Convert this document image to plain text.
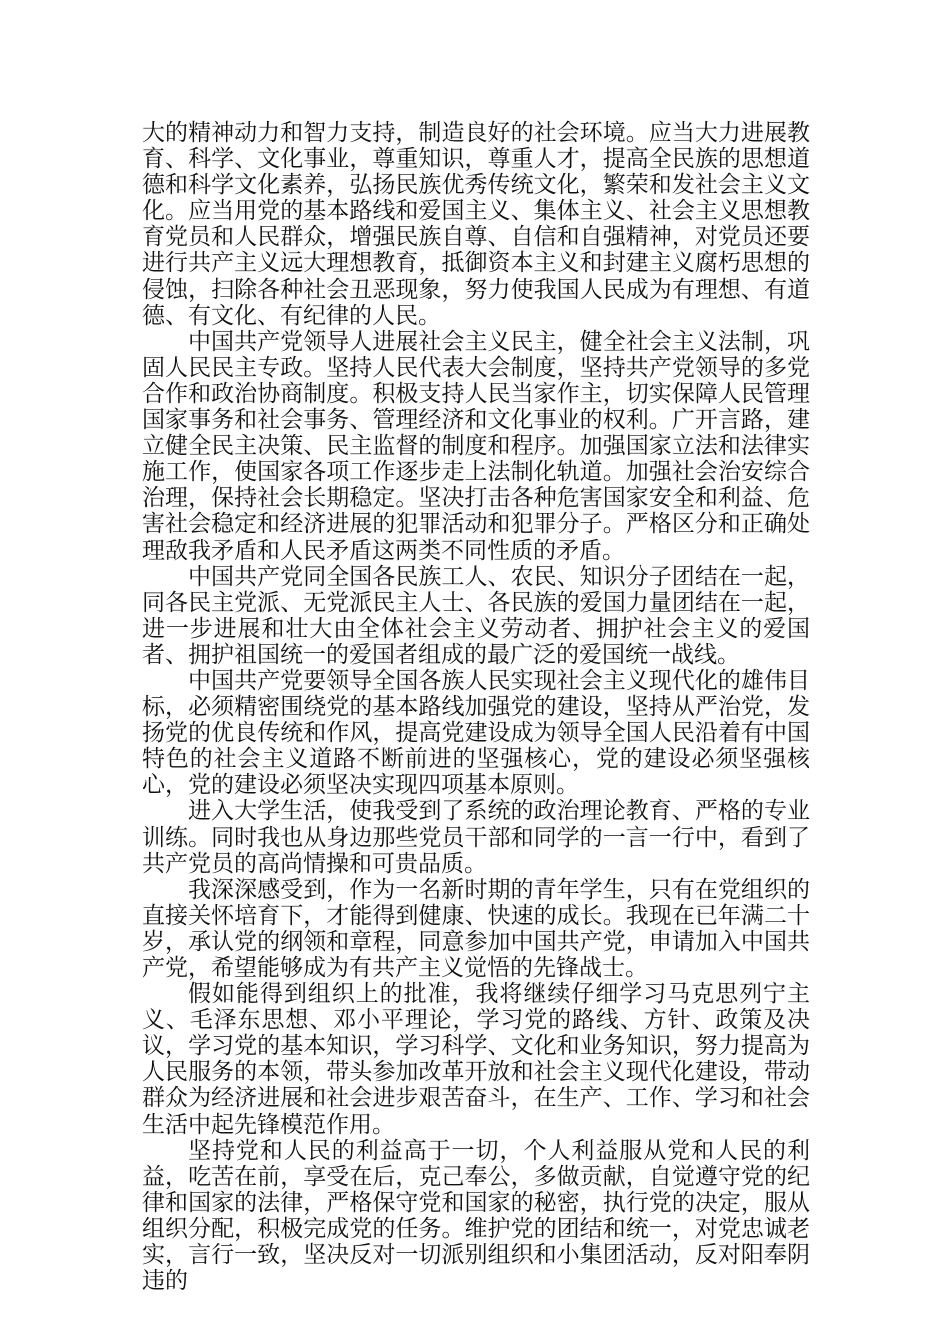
大的精神动力和智力支持，制造良好的社会环境。应当大力进展教育、科学、文化事业，尊重知识，尊重人才，提高全民族的思想道德和科学文化素养，弘扬民族优秀传统文化，繁荣和发社会主义文化。应当用党的基本路线和爱国主义、集体主义、社会主义思想教育党员和人民群众，增强民族自尊、自信和自强精神，对党员还要进行共产主义远大理想教育，抵御资本主义和封建主义腐朽思想的侵蚀，扫除各种社会丑恶现象，努力使我国人民成为有理想、有道德、有文化、有纪律的人民。

中国共产党领导人进展社会主义民主，健全社会主义法制，巩固人民民主专政。坚持人民代表大会制度，坚持共产党领导的多党合作和政治协商制度。积极支持人民当家作主，切实保障人民管理国家事务和社会事务、管理经济和文化事业的权利。广开言路，建立健全民主决策、民主监督的制度和程序。加强国家立法和法律实施工作，使国家各项工作逐步走上法制化轨道。加强社会治安综合治理，保持社会长期稳定。坚决打击各种危害国家安全和利益、危害社会稳定和经济进展的犯罪活动和犯罪分子。严格区分和正确处理敌我矛盾和人民矛盾这两类不同性质的矛盾。

中国共产党同全国各民族工人、农民、知识分子团结在一起，同各民主党派、无党派民主人士、各民族的爱国力量团结在一起，进一步进展和壮大由全体社会主义劳动者、拥护社会主义的爱国者、拥护祖国统一的爱国者组成的最广泛的爱国统一战线。

中国共产党要领导全国各族人民实现社会主义现代化的雄伟目标，必须精密围绕党的基本路线加强党的建设，坚持从严治党，发扬党的优良传统和作风，提高党建设成为领导全国人民沿着有中国特色的社会主义道路不断前进的坚强核心，党的建设必须坚强核心，党的建设必须坚决实现四项基本原则。

进入大学生活，使我受到了系统的政治理论教育、严格的专业训练。同时我也从身边那些党员干部和同学的一言一行中，看到了共产党员的高尚情操和可贵品质。

我深深感受到，作为一名新时期的青年学生，只有在党组织的直接关怀培育下，才能得到健康、快速的成长。我现在已年满二十岁，承认党的纲领和章程，同意参加中国共产党，申请加入中国共产党，希望能够成为有共产主义觉悟的先锋战士。

假如能得到组织上的批准，我将继续仔细学习马克思列宁主义、毛泽东思想、邓小平理论，学习党的路线、方针、政策及决议，学习党的基本知识，学习科学、文化和业务知识，努力提高为人民服务的本领，带头参加改革开放和社会主义现代化建设，带动群众为经济进展和社会进步艰苦奋斗，在生产、工作、学习和社会生活中起先锋模范作用。

坚持党和人民的利益高于一切，个人利益服从党和人民的利益，吃苦在前，享受在后，克己奉公，多做贡献，自觉遵守党的纪律和国家的法律，严格保守党和国家的秘密，执行党的决定，服从组织分配，积极完成党的任务。维护党的团结和统一，对党忠诚老实，言行一致，坚决反对一切派别组织和小集团活动，反对阳奉阴违的
